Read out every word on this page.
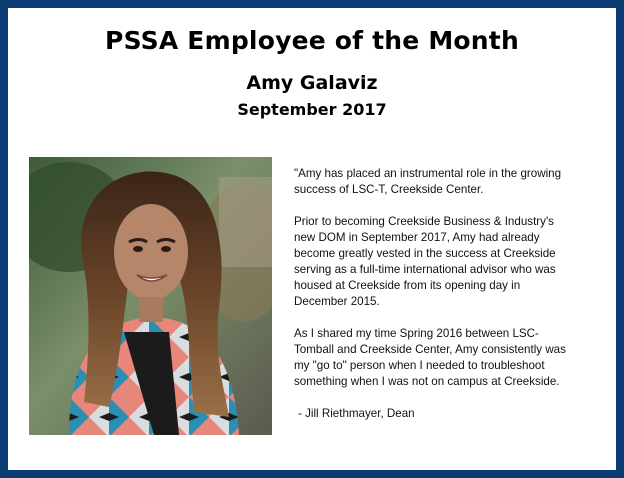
PSSA Employee of the Month
Amy Galaviz
September 2017

"Amy has placed an instrumental role in the growing success of LSC-T, Creekside Center.

Prior to becoming Creekside Business & Industry's new DOM in September 2017, Amy had already become greatly vested in the success at Creekside serving as a full-time international advisor who was housed at Creekside from its opening day in December 2015.

As I shared my time Spring 2016 between LSC-Tomball and Creekside Center, Amy consistently was my "go to" person when I needed to troubleshoot something when I was not on campus at Creekside.

- Jill Riethmayer, Dean
